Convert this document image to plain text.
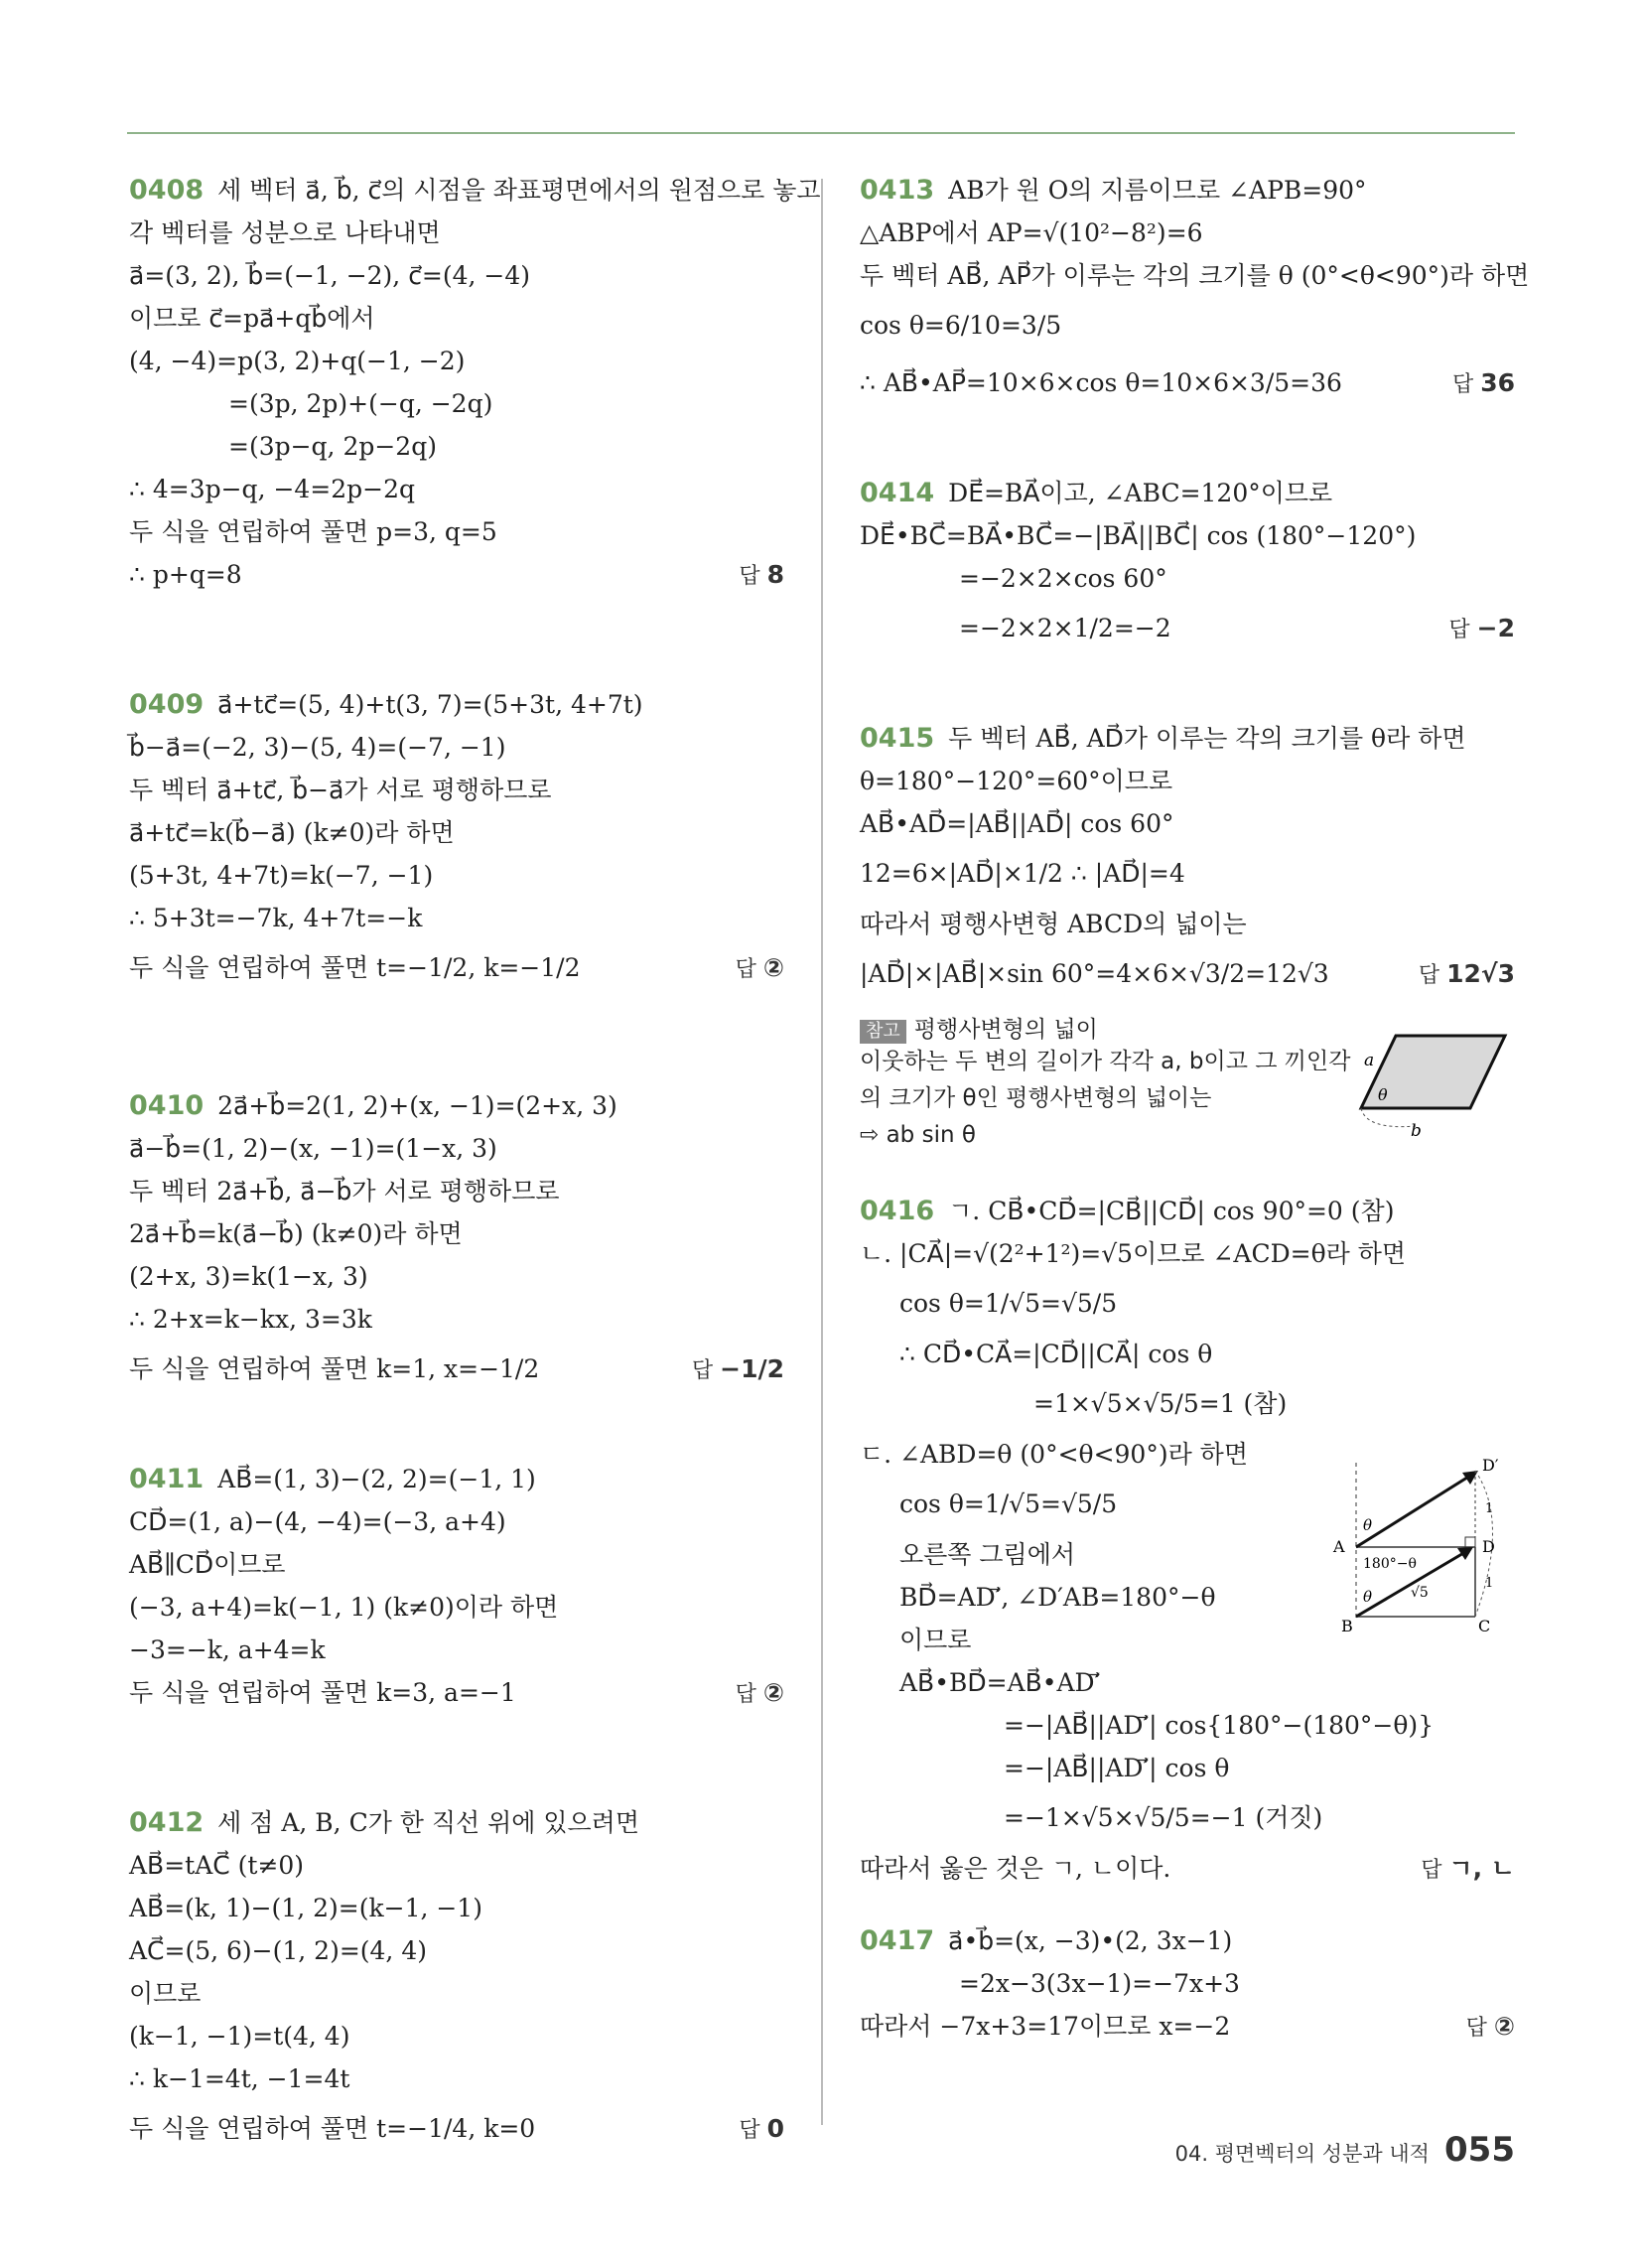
0408 세 벡터 a⃗, b⃗, c⃗의 시점을 좌표평면에서의 원점으로 놓고
각 벡터를 성분으로 나타내면
a⃗=(3, 2), b⃗=(−1, −2), c⃗=(4, −4)
이므로 c⃗=pa⃗+qb⃗에서
(4, −4)=p(3, 2)+q(−1, −2)
=(3p, 2p)+(−q, −2q)
=(3p−q, 2p−2q)
∴ 4=3p−q, −4=2p−2q
두 식을 연립하여 풀면 p=3, q=5
∴ p+q=8	답 8
0409 a⃗+tc⃗=(5, 4)+t(3, 7)=(5+3t, 4+7t)
b⃗−a⃗=(−2, 3)−(5, 4)=(−7, −1)
두 벡터 a⃗+tc⃗, b⃗−a⃗가 서로 평행하므로
a⃗+tc⃗=k(b⃗−a⃗) (k≠0)라 하면
(5+3t, 4+7t)=k(−7, −1)
∴ 5+3t=−7k, 4+7t=−k
두 식을 연립하여 풀면 t=−1/2, k=−1/2	답 ②
0410 2a⃗+b⃗=2(1, 2)+(x, −1)=(2+x, 3)
a⃗−b⃗=(1, 2)−(x, −1)=(1−x, 3)
두 벡터 2a⃗+b⃗, a⃗−b⃗가 서로 평행하므로
2a⃗+b⃗=k(a⃗−b⃗) (k≠0)라 하면
(2+x, 3)=k(1−x, 3)
∴ 2+x=k−kx, 3=3k
두 식을 연립하여 풀면 k=1, x=−1/2	답 −1/2
0411 AB⃗=(1, 3)−(2, 2)=(−1, 1)
CD⃗=(1, a)−(4, −4)=(−3, a+4)
AB⃗∥CD⃗이므로
(−3, a+4)=k(−1, 1) (k≠0)이라 하면
−3=−k, a+4=k
두 식을 연립하여 풀면 k=3, a=−1	답 ②
0412 세 점 A, B, C가 한 직선 위에 있으려면
AB⃗=tAC⃗ (t≠0)
AB⃗=(k, 1)−(1, 2)=(k−1, −1)
AC⃗=(5, 6)−(1, 2)=(4, 4)
이므로
(k−1, −1)=t(4, 4)
∴ k−1=4t, −1=4t
두 식을 연립하여 풀면 t=−1/4, k=0	답 0
0413 AB가 원 O의 지름이므로 ∠APB=90°
△ABP에서 AP=√(10²−8²)=6
두 벡터 AB⃗, AP⃗가 이루는 각의 크기를 θ (0°<θ<90°)라 하면
cos θ=6/10=3/5
∴ AB⃗•AP⃗=10×6×cos θ=10×6×3/5=36	답 36
0414 DE⃗=BA⃗이고, ∠ABC=120°이므로
DE⃗•BC⃗=BA⃗•BC⃗=−|BA⃗||BC⃗| cos (180°−120°)
=−2×2×cos 60°
=−2×2×1/2=−2	답 −2
0415 두 벡터 AB⃗, AD⃗가 이루는 각의 크기를 θ라 하면
θ=180°−120°=60°이므로
AB⃗•AD⃗=|AB⃗||AD⃗| cos 60°
12=6×|AD⃗|×1/2 ∴ |AD⃗|=4
따라서 평행사변형 ABCD의 넓이는
|AD⃗|×|AB⃗|×sin 60°=4×6×√3/2=12√3	답 12√3
참고 평행사변형의 넓이
이웃하는 두 변의 길이가 각각 a, b이고 그 끼인각
의 크기가 θ인 평행사변형의 넓이는
⇨ ab sin θ
a
θ
b
0416 ㄱ. CB⃗•CD⃗=|CB⃗||CD⃗| cos 90°=0 (참)
ㄴ. |CA⃗|=√(2²+1²)=√5이므로 ∠ACD=θ라 하면
cos θ=1/√5=√5/5
∴ CD⃗•CA⃗=|CD⃗||CA⃗| cos θ
=1×√5×√5/5=1 (참)
ㄷ. ∠ABD=θ (0°<θ<90°)라 하면
cos θ=1/√5=√5/5
오른쪽 그림에서
BD⃗=AD′⃗, ∠D′AB=180°−θ
이므로
AB⃗•BD⃗=AB⃗•AD′⃗
=−|AB⃗||AD′⃗| cos{180°−(180°−θ)}
=−|AB⃗||AD′⃗| cos θ
=−1×√5×√5/5=−1 (거짓)
따라서 옳은 것은 ㄱ, ㄴ이다.	답 ㄱ, ㄴ
D′
A	D
B	C
θ
180°−θ
θ	√5
1
1
0417 a⃗•b⃗=(x, −3)•(2, 3x−1)
=2x−3(3x−1)=−7x+3
따라서 −7x+3=17이므로 x=−2	답 ②
04. 평면벡터의 성분과 내적 055
